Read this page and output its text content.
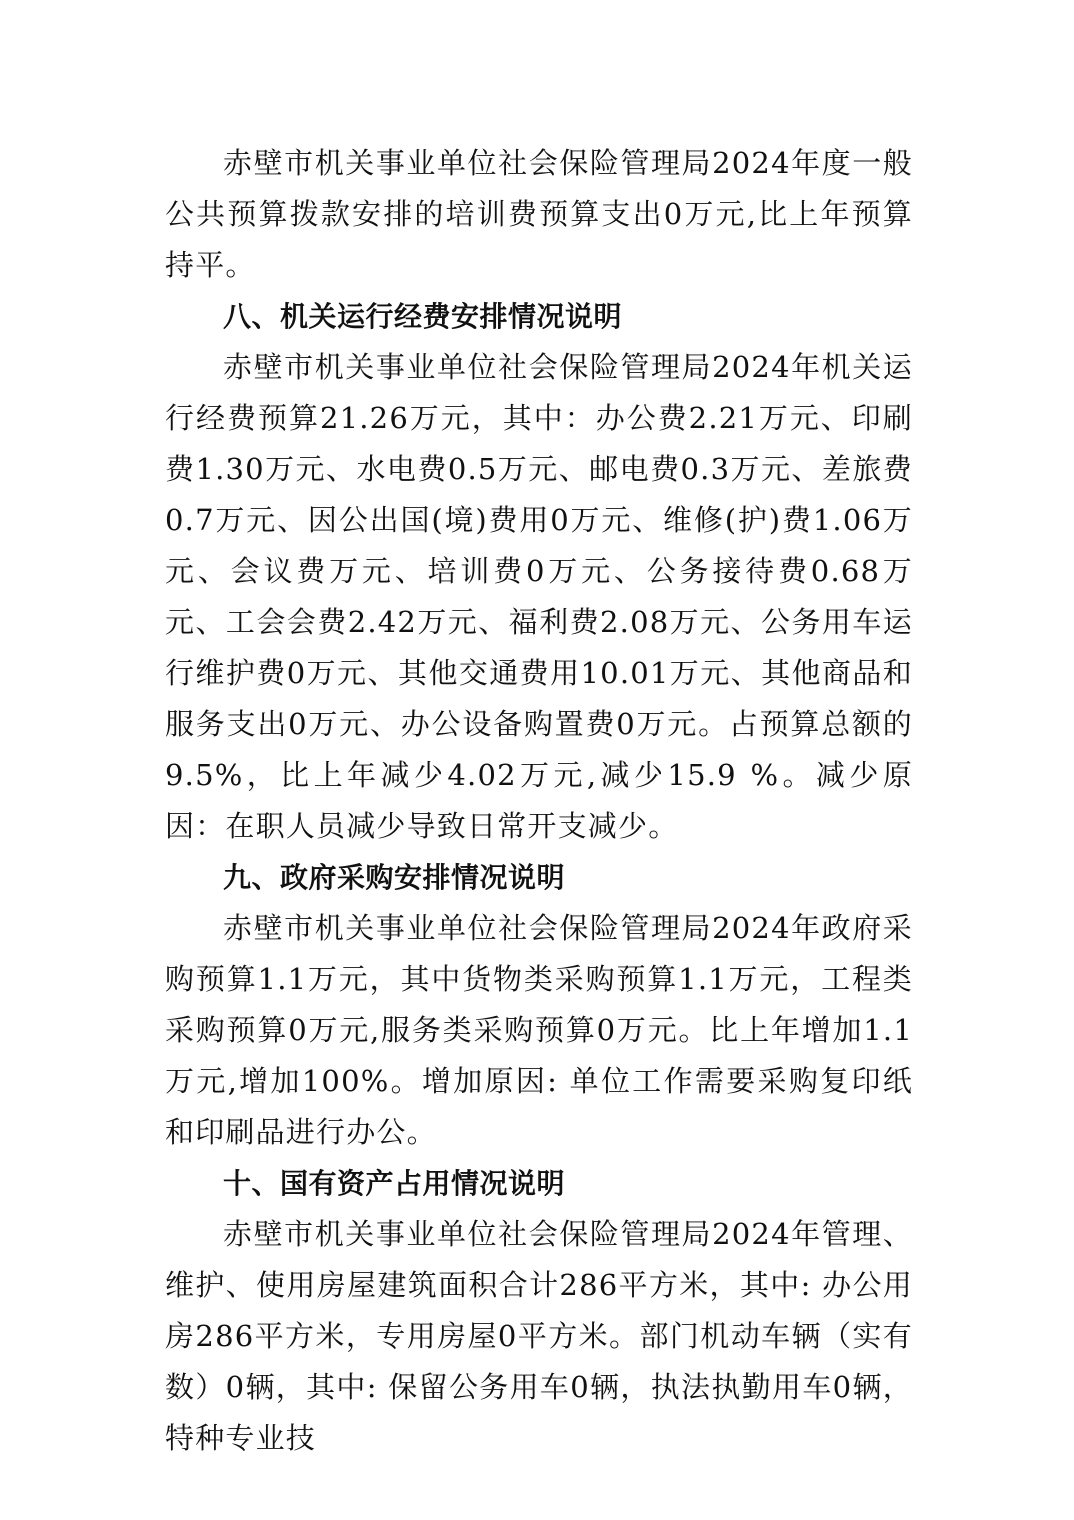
赤壁市机关事业单位社会保险管理局2024年度一般公共预算拨款安排的培训费预算支出0万元,比上年预算持平。

八、机关运行经费安排情况说明

赤壁市机关事业单位社会保险管理局2024年机关运行经费预算21.26万元，其中：办公费2.21万元、印刷费1.30万元、水电费0.5万元、邮电费0.3万元、差旅费0.7万元、因公出国(境)费用0万元、维修(护)费1.06万元、会议费万元、培训费0万元、公务接待费0.68万元、工会会费2.42万元、福利费2.08万元、公务用车运行维护费0万元、其他交通费用10.01万元、其他商品和服务支出0万元、办公设备购置费0万元。占预算总额的9.5%，比上年减少4.02万元,减少15.9 %。减少原因：在职人员减少导致日常开支减少。

九、政府采购安排情况说明

赤壁市机关事业单位社会保险管理局2024年政府采购预算1.1万元，其中货物类采购预算1.1万元，工程类采购预算0万元,服务类采购预算0万元。比上年增加1.1万元,增加100%。增加原因: 单位工作需要采购复印纸和印刷品进行办公。

十、国有资产占用情况说明

赤壁市机关事业单位社会保险管理局2024年管理、维护、使用房屋建筑面积合计286平方米，其中: 办公用房286平方米，专用房屋0平方米。部门机动车辆（实有数）0辆，其中: 保留公务用车0辆，执法执勤用车0辆，特种专业技
